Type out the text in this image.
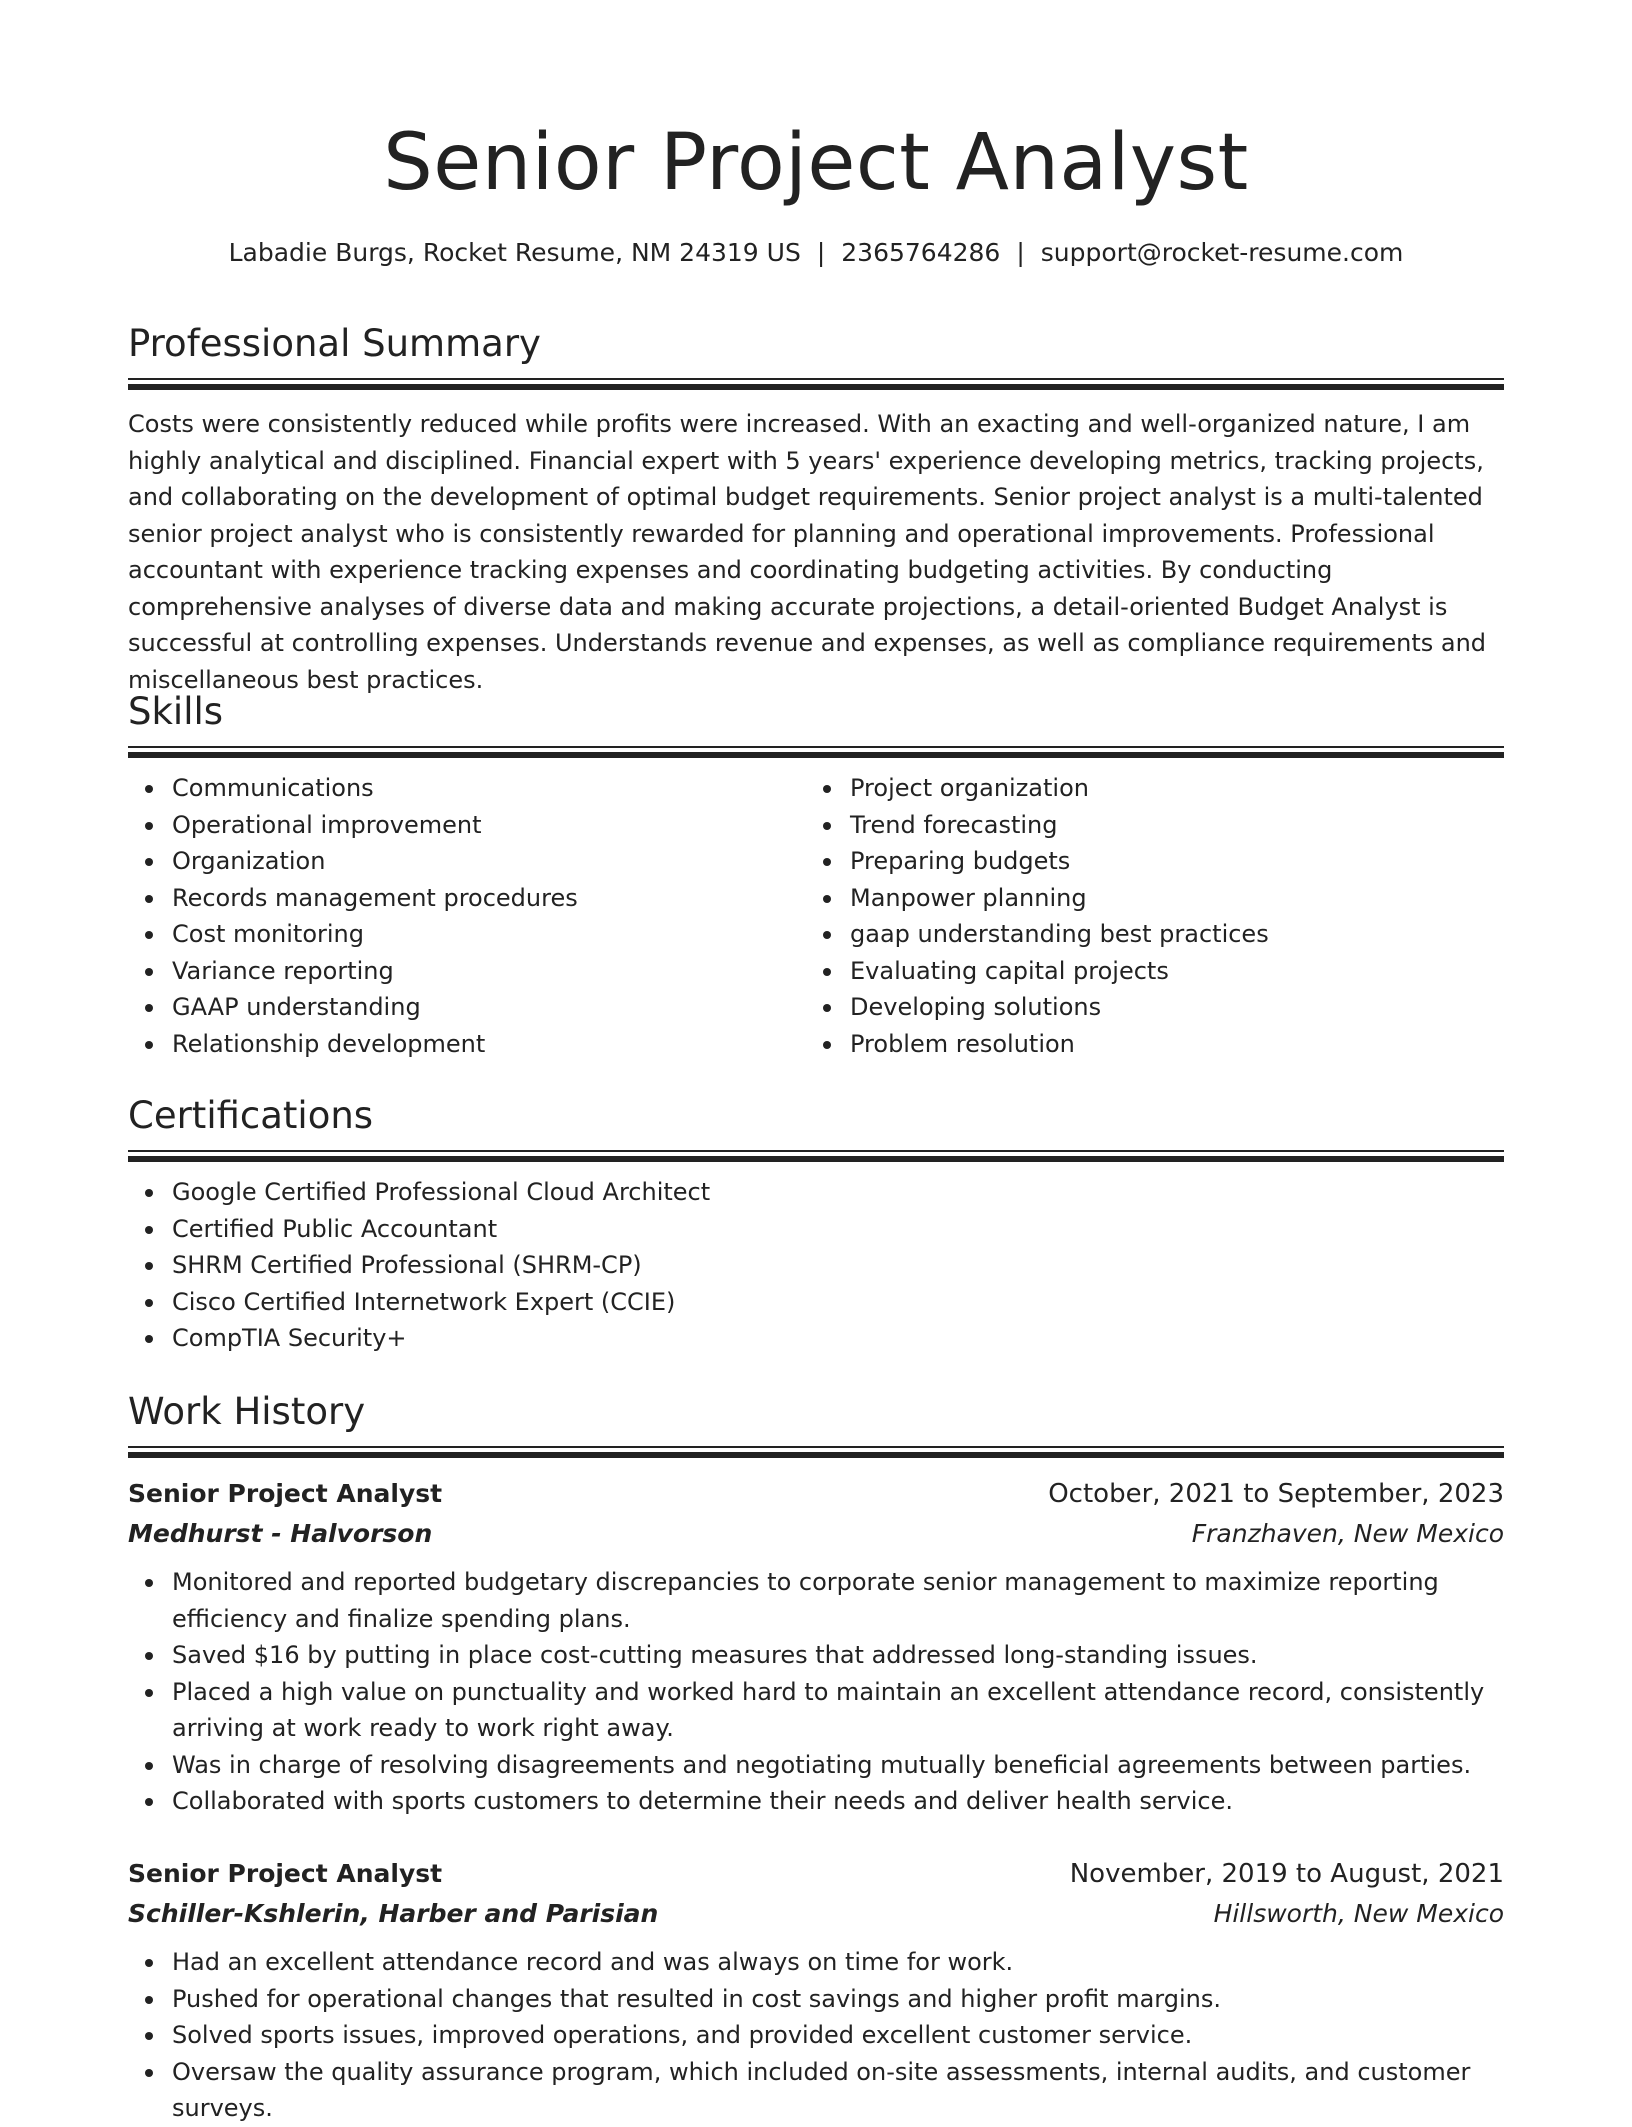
Senior Project Analyst
Labadie Burgs, Rocket Resume, NM 24319 US | 2365764286 | support@rocket-resume.com
Professional Summary

Costs were consistently reduced while profits were increased. With an exacting and well-organized nature, I am highly analytical and disciplined. Financial expert with 5 years' experience developing metrics, tracking projects, and collaborating on the development of optimal budget requirements. Senior project analyst is a multi-talented senior project analyst who is consistently rewarded for planning and operational improvements. Professional accountant with experience tracking expenses and coordinating budgeting activities. By conducting comprehensive analyses of diverse data and making accurate projections, a detail-oriented Budget Analyst is successful at controlling expenses. Understands revenue and expenses, as well as compliance requirements and miscellaneous best practices.

Skills
Communications
Operational improvement
Organization
Records management procedures
Cost monitoring
Variance reporting
GAAP understanding
Relationship development
Project organization
Trend forecasting
Preparing budgets
Manpower planning
gaap understanding best practices
Evaluating capital projects
Developing solutions
Problem resolution
Certifications
Google Certified Professional Cloud Architect
Certified Public Accountant
SHRM Certified Professional (SHRM-CP)
Cisco Certified Internetwork Expert (CCIE)
CompTIA Security+
Work History
Senior Project Analyst	October, 2021 to September, 2023
Medhurst - Halvorson	Franzhaven, New Mexico
Monitored and reported budgetary discrepancies to corporate senior management to maximize reporting efficiency and finalize spending plans.
Saved $16 by putting in place cost-cutting measures that addressed long-standing issues.
Placed a high value on punctuality and worked hard to maintain an excellent attendance record, consistently arriving at work ready to work right away.
Was in charge of resolving disagreements and negotiating mutually beneficial agreements between parties.
Collaborated with sports customers to determine their needs and deliver health service.
Senior Project Analyst	November, 2019 to August, 2021
Schiller-Kshlerin, Harber and Parisian	Hillsworth, New Mexico
Had an excellent attendance record and was always on time for work.
Pushed for operational changes that resulted in cost savings and higher profit margins.
Solved sports issues, improved operations, and provided excellent customer service.
Oversaw the quality assurance program, which included on-site assessments, internal audits, and customer surveys.
